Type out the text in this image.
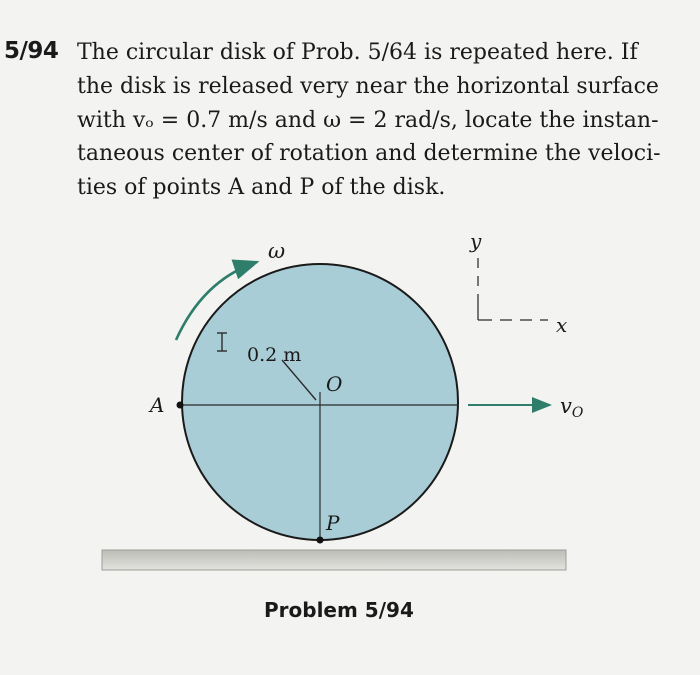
5/94 The circular disk of Prob. 5/64 is repeated here. If
the disk is released very near the horizontal surface
with vₒ = 0.7 m/s and ω = 2 rad/s, locate the instan-
taneous center of rotation and determine the veloci-
ties of points A and P of the disk.
ω
0.2 m
O
A
P
y
x
vO
Problem 5/94
